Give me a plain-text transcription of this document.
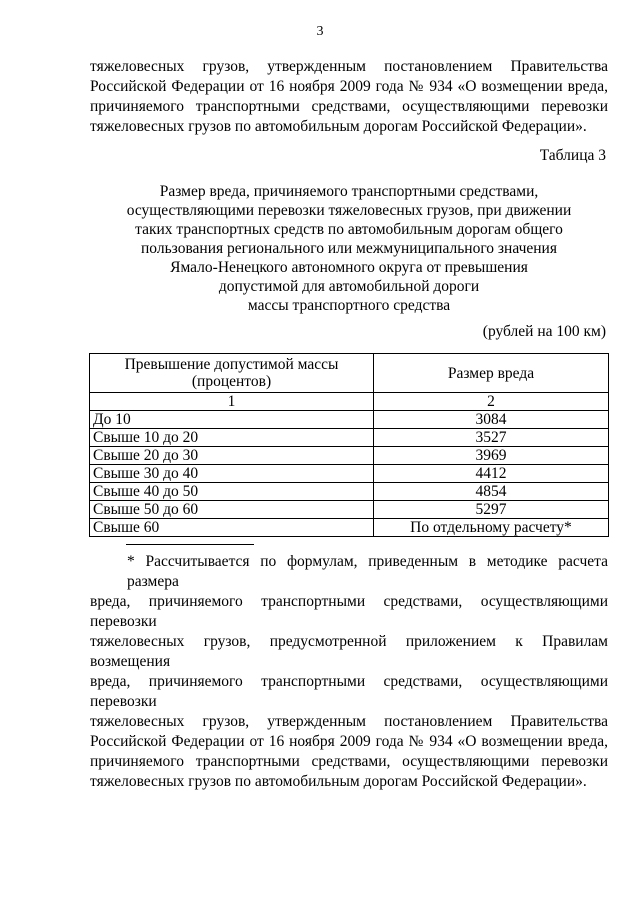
3
тяжеловесных грузов, утвержденным постановлением Правительства
Российской Федерации от 16 ноября 2009 года № 934 «О возмещении вреда,
причиняемого транспортными средствами, осуществляющими перевозки
тяжеловесных грузов по автомобильным дорогам Российской Федерации».
Таблица 3
Размер вреда, причиняемого транспортными средствами,
осуществляющими перевозки тяжеловесных грузов, при движении
таких транспортных средств по автомобильным дорогам общего
пользования регионального или межмуниципального значения
Ямало-Ненецкого автономного округа от превышения
допустимой для автомобильной дороги
массы транспортного средства
(рублей на 100 км)
Превышение допустимой массы
(процентов)	Размер вреда
1	2
До 10	3084
Свыше 10 до 20	3527
Свыше 20 до 30	3969
Свыше 30 до 40	4412
Свыше 40 до 50	4854
Свыше 50 до 60	5297
Свыше 60	По отдельному расчету*
* Рассчитывается по формулам, приведенным в методике расчета размера
вреда, причиняемого транспортными средствами, осуществляющими перевозки
тяжеловесных грузов, предусмотренной приложением к Правилам возмещения
вреда, причиняемого транспортными средствами, осуществляющими перевозки
тяжеловесных грузов, утвержденным постановлением Правительства
Российской Федерации от 16 ноября 2009 года № 934 «О возмещении вреда,
причиняемого транспортными средствами, осуществляющими перевозки
тяжеловесных грузов по автомобильным дорогам Российской Федерации».
